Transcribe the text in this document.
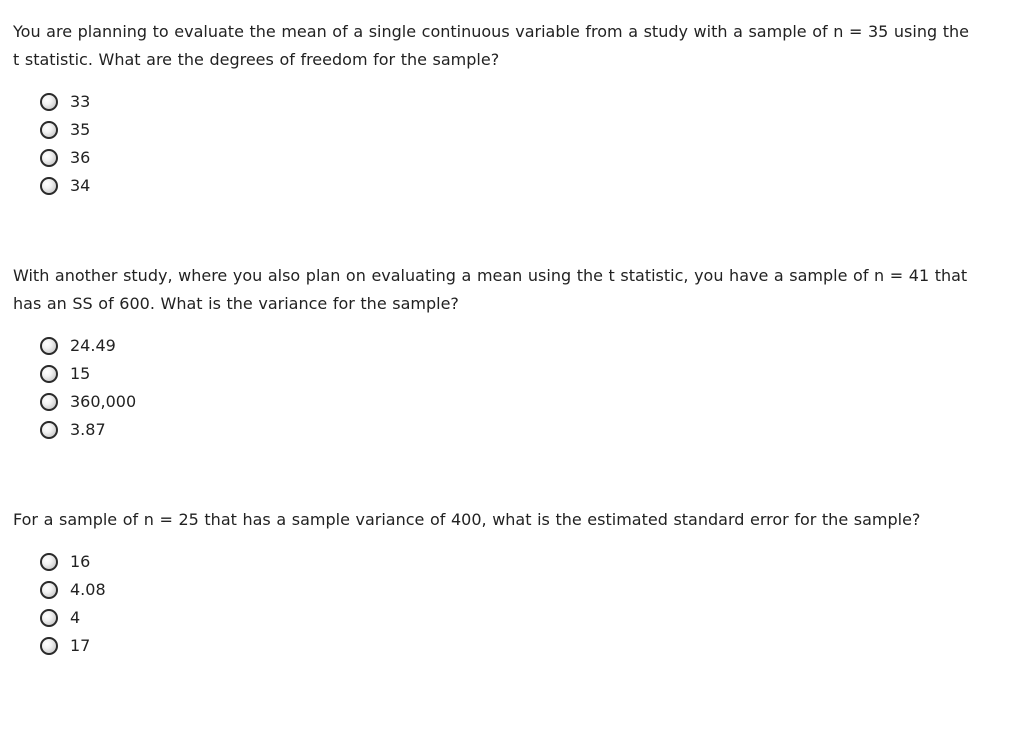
You are planning to evaluate the mean of a single continuous variable from a study with a sample of n = 35 using the
t statistic. What are the degrees of freedom for the sample?

33
35
36
34

With another study, where you also plan on evaluating a mean using the t statistic, you have a sample of n = 41 that
has an SS of 600. What is the variance for the sample?

24.49
15
360,000
3.87

For a sample of n = 25 that has a sample variance of 400, what is the estimated standard error for the sample?

16
4.08
4
17
